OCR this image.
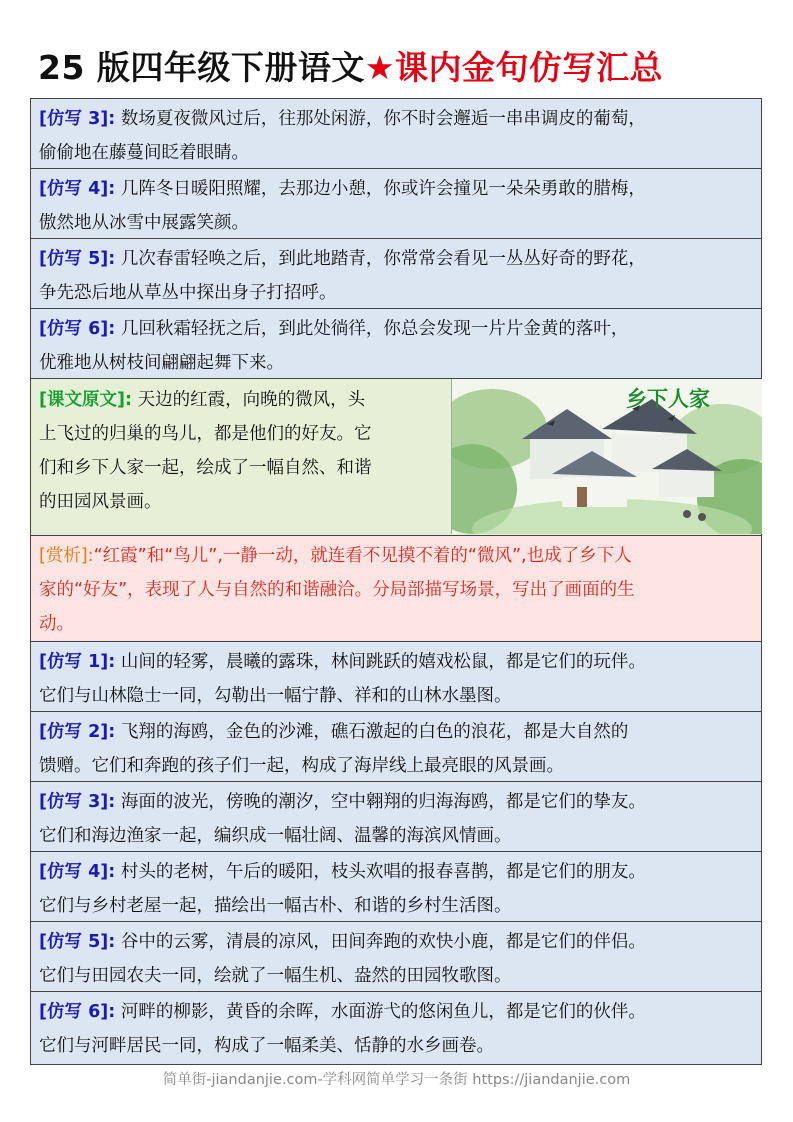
25 版四年级下册语文★课内金句仿写汇总
[仿写 3]: 数场夏夜微风过后，往那处闲游，你不时会邂逅一串串调皮的葡萄，
偷偷地在藤蔓间眨着眼睛。
[仿写 4]: 几阵冬日暖阳照耀，去那边小憩，你或许会撞见一朵朵勇敢的腊梅，
傲然地从冰雪中展露笑颜。
[仿写 5]: 几次春雷轻唤之后，到此地踏青，你常常会看见一丛丛好奇的野花，
争先恐后地从草丛中探出身子打招呼。
[仿写 6]: 几回秋霜轻抚之后，到此处徜徉，你总会发现一片片金黄的落叶，
优雅地从树枝间翩翩起舞下来。
[课文原文]: 天边的红霞，向晚的微风，头
上飞过的归巢的鸟儿，都是他们的好友。它
们和乡下人家一起，绘成了一幅自然、和谐
的田园风景画。
乡下人家
[赏析]:“红霞”和“鸟儿”,一静一动，就连看不见摸不着的“微风”,也成了乡下人
家的“好友”，表现了人与自然的和谐融洽。分局部描写场景，写出了画面的生
动。
[仿写 1]: 山间的轻雾，晨曦的露珠，林间跳跃的嬉戏松鼠，都是它们的玩伴。
它们与山林隐士一同，勾勒出一幅宁静、祥和的山林水墨图。
[仿写 2]: 飞翔的海鸥，金色的沙滩，礁石激起的白色的浪花，都是大自然的
馈赠。它们和奔跑的孩子们一起，构成了海岸线上最亮眼的风景画。
[仿写 3]: 海面的波光，傍晚的潮汐，空中翱翔的归海海鸥，都是它们的挚友。
它们和海边渔家一起，编织成一幅壮阔、温馨的海滨风情画。
[仿写 4]: 村头的老树，午后的暖阳，枝头欢唱的报春喜鹊，都是它们的朋友。
它们与乡村老屋一起，描绘出一幅古朴、和谐的乡村生活图。
[仿写 5]: 谷中的云雾，清晨的凉风，田间奔跑的欢快小鹿，都是它们的伴侣。
它们与田园农夫一同，绘就了一幅生机、盎然的田园牧歌图。
[仿写 6]: 河畔的柳影，黄昏的余晖，水面游弋的悠闲鱼儿，都是它们的伙伴。
它们与河畔居民一同，构成了一幅柔美、恬静的水乡画卷。
简单街-jiandanjie.com-学科网简单学习一条街 https://jiandanjie.com
